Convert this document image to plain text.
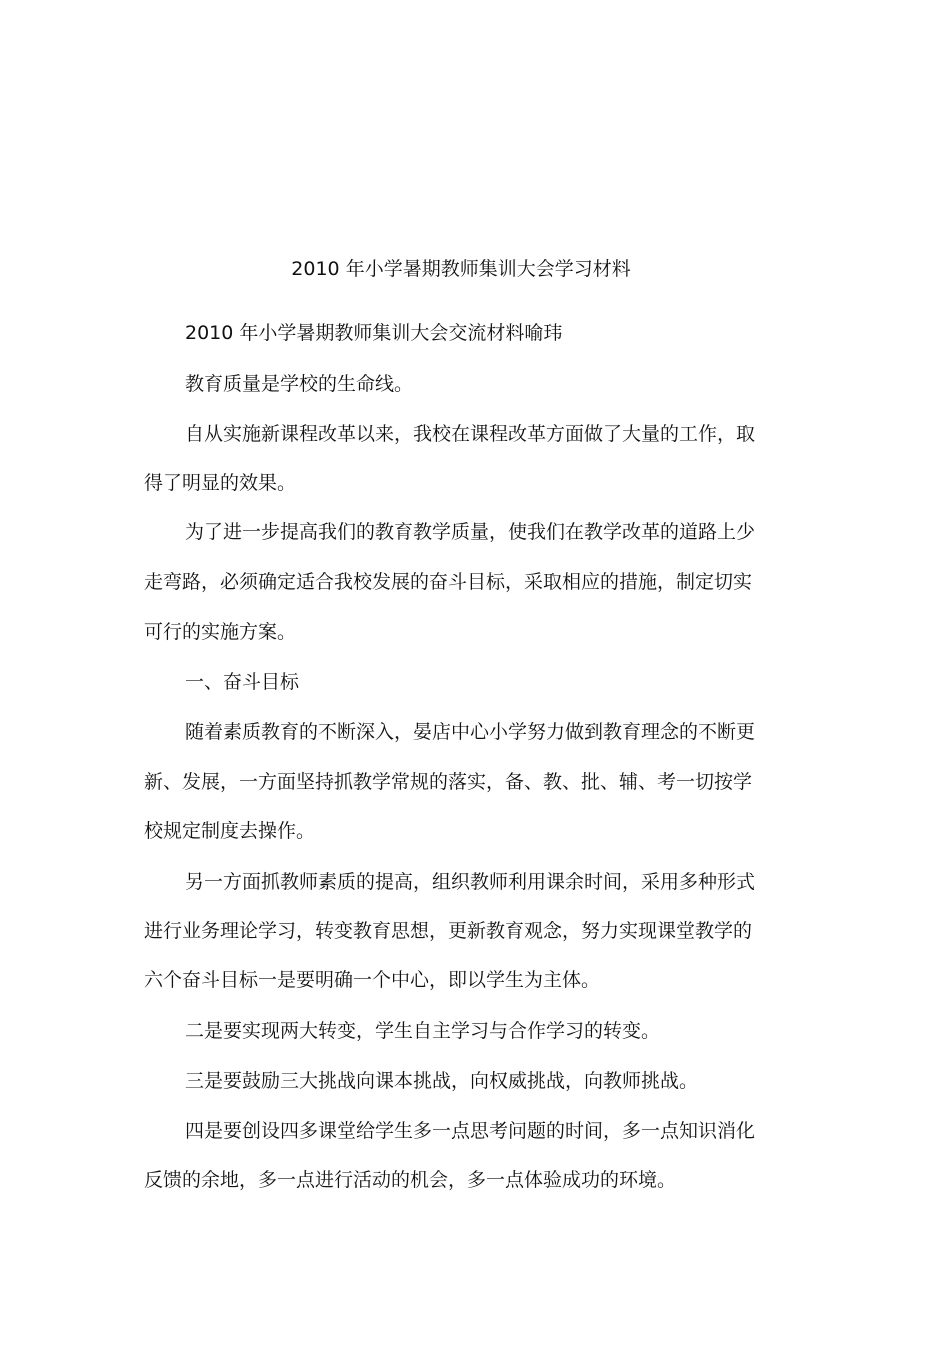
2010 年小学暑期教师集训大会学习材料
2010 年小学暑期教师集训大会交流材料喻玮
教育质量是学校的生命线。
自从实施新课程改革以来，我校在课程改革方面做了大量的工作，取
得了明显的效果。
为了进一步提高我们的教育教学质量，使我们在教学改革的道路上少
走弯路，必须确定适合我校发展的奋斗目标，采取相应的措施，制定切实
可行的实施方案。
一、奋斗目标
随着素质教育的不断深入，晏店中心小学努力做到教育理念的不断更
新、发展，一方面坚持抓教学常规的落实，备、教、批、辅、考一切按学
校规定制度去操作。
另一方面抓教师素质的提高，组织教师利用课余时间，采用多种形式
进行业务理论学习，转变教育思想，更新教育观念，努力实现课堂教学的
六个奋斗目标一是要明确一个中心，即以学生为主体。
二是要实现两大转变，学生自主学习与合作学习的转变。
三是要鼓励三大挑战向课本挑战，向权威挑战，向教师挑战。
四是要创设四多课堂给学生多一点思考问题的时间，多一点知识消化
反馈的余地，多一点进行活动的机会，多一点体验成功的环境。
